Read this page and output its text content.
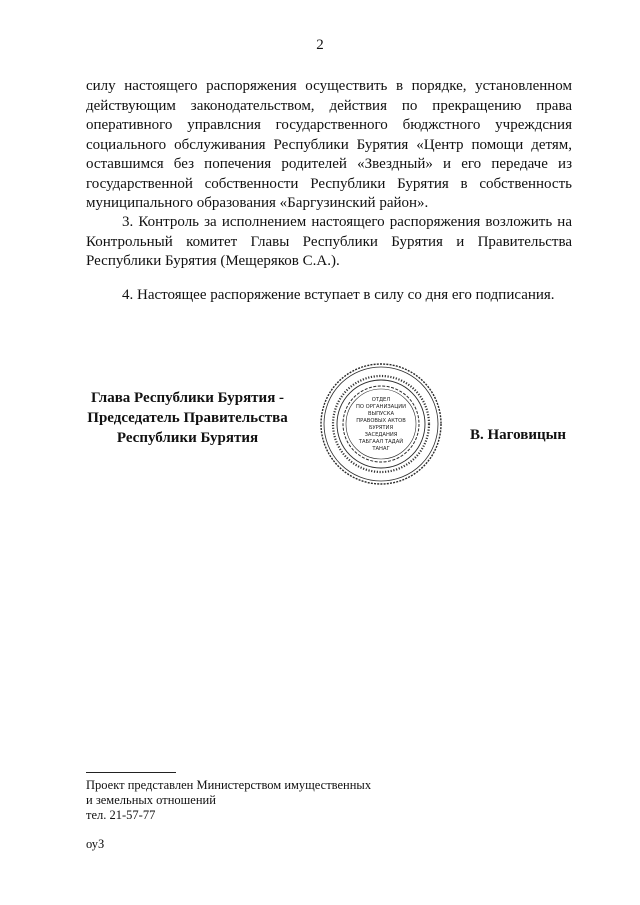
2
силу настоящего распоряжения осуществить в порядке, установленном действующим законодательством, действия по прекращению права оперативного управлсния государственного бюджстного учреждсния социального обслуживания Республики Бурятия «Центр помощи детям, оставшимся без попечения родителей «Звездный» и его передаче из государственной собственности Республики Бурятия в собственность муниципального образования «Баргузинский район».
3. Контроль за исполнением настоящего распоряжения возложить на Контрольный комитет Главы Республики Бурятия и Правительства Республики Бурятия (Мещеряков С.А.).
4. Настоящее распоряжение вступает в силу со дня его подписания.
Глава Республики Бурятия -
Председатель Правительства
Республики Бурятия
ОТДЕЛ
ПО ОРГАНИЗАЦИИ
ВЫПУСКА
ПРАВОВЫХ АКТОВ
БУРЯТИЯ
ЗАСЕДАНИЯ
ТАБГААЛ ТАДАЙ
ТАНАГ
В. Наговицын
Проект представлен Министерством имущественных
и земельных отношений
тел. 21-57-77
оуЗ
